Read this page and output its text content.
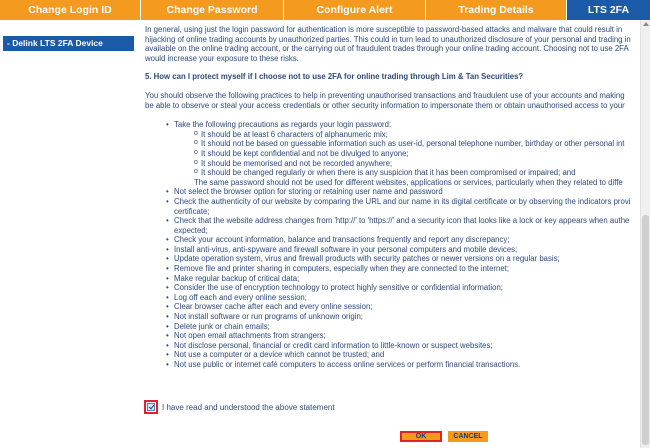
Change Login ID	Change Password	Configure Alert	Trading Details	LTS 2FA
- Delink LTS 2FA Device
In general, using just the login password for authentication is more susceptible to password-based attacks and malware that could result in
hijacking of online trading accounts by unauthorized parties. This could in turn lead to unauthorized disclosure of your personal and trading in
available on the online trading account, or the carrying out of fraudulent trades through your online trading account. Choosing not to use 2FA
would increase your exposure to these risks.
5. How can I protect myself if I choose not to use 2FA for online trading through Lim & Tan Securities?
You should observe the following practices to help in preventing unauthorised transactions and fraudulent use of your accounts and making
be able to observe or steal your access credentials or other security information to impersonate them or obtain unauthorised access to your
• Take the following precautions as regards your login password:
o It should be at least 6 characters of alphanumeric mix;
o It should not be based on guessable information such as user-id, personal telephone number, birthday or other personal int
o It should be kept confidential and not be divulged to anyone;
o It should be memorised and not be recorded anywhere;
o It should be changed regularly or when there is any suspicion that it has been compromised or impaired; and
The same password should not be used for different websites, applications or services, particularly when they related to diffe
• Not select the browser option for storing or retaining user name and password
• Check the authenticity of our website by comparing the URL and our name in its digital certificate or by observing the indicators provi
certificate;
• Check that the website address changes from 'http://' to 'https://' and a security icon that looks like a lock or key appears when authe
expected;
• Check your account information, balance and transactions frequently and report any discrepancy;
• Install anti-virus, anti-spyware and firewall software in your personal computers and mobile devices;
• Update operation system, virus and firewall products with security patches or newer versions on a regular basis;
• Remove file and printer sharing in computers, especially when they are connected to the internet;
• Make regular backup of critical data;
• Consider the use of encryption technology to protect highly sensitive or confidential information;
• Log off each and every online session;
• Clear browser cache after each and every online session;
• Not install software or run programs of unknown origin;
• Delete junk or chain emails;
• Not open email attachments from strangers;
• Not disclose personal, financial or credit card information to little-known or suspect websites;
• Not use a computer or a device which cannot be trusted; and
• Not use public or internet café computers to access online services or perform financial transactions.
I have read and understood the above statement
OK	CANCEL
